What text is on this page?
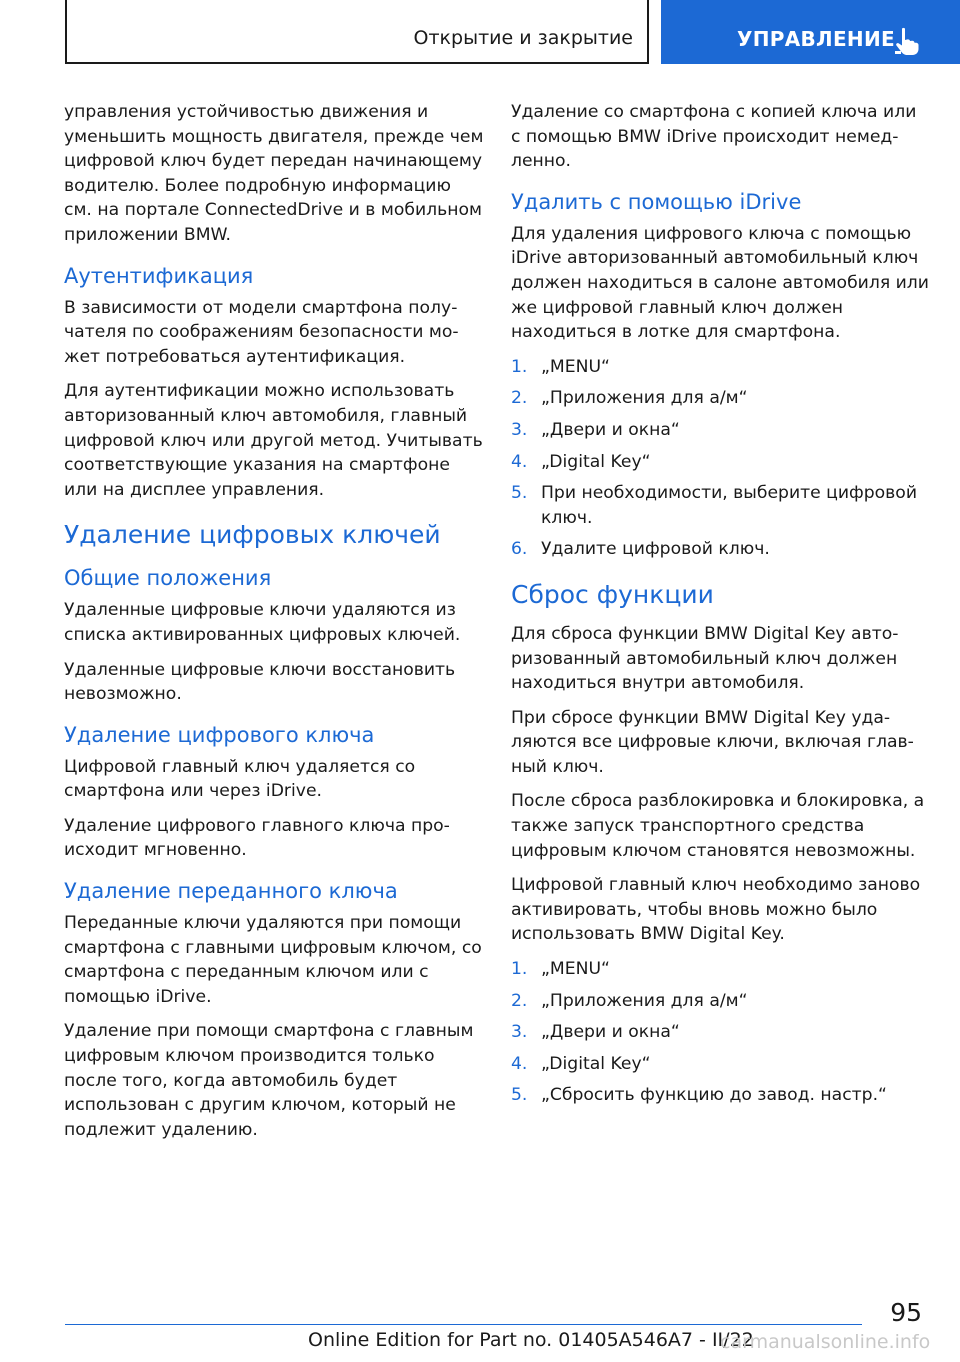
Открытие и закрытие	УПРАВЛЕНИЕ

управления устойчивостью движения и уменьшить мощность двигателя, прежде чем цифровой ключ будет передан начинающему водителю. Более подробную информацию см. на портале ConnectedDrive и в мобильном приложении BMW.

Аутентификация

В зависимости от модели смартфона получателя по соображениям безопасности может потребоваться аутентификация.

Для аутентификации можно использовать авторизованный ключ автомобиля, главный цифровой ключ или другой метод. Учитывать соответствующие указания на смартфоне или на дисплее управления.

Удаление цифровых ключей
Общие положения

Удаленные цифровые ключи удаляются из списка активированных цифровых ключей.

Удаленные цифровые ключи восстановить невозможно.

Удаление цифрового ключа

Цифровой главный ключ удаляется со смартфона или через iDrive.

Удаление цифрового главного ключа происходит мгновенно.

Удаление переданного ключа

Переданные ключи удаляются при помощи смартфона с главными цифровым ключом, со смартфона с переданным ключом или с помощью iDrive.

Удаление при помощи смартфона с главным цифровым ключом производится только после того, когда автомобиль будет использован с другим ключом, который не подлежит удалению.

Удаление со смартфона с копией ключа или с помощью BMW iDrive происходит немедленно.

Удалить с помощью iDrive

Для удаления цифрового ключа с помощью iDrive авторизованный автомобильный ключ должен находиться в салоне автомобиля или же цифровой главный ключ должен находиться в лотке для смартфона.

1. „MENU“
2. „Приложения для а/м“
3. „Двери и окна“
4. „Digital Key“
5. При необходимости, выберите цифровой ключ.
6. Удалите цифровой ключ.
Сброс функции

Для сброса функции BMW Digital Key авторизованный автомобильный ключ должен находиться внутри автомобиля.

При сбросе функции BMW Digital Key удаляются все цифровые ключи, включая главный ключ.

После сброса разблокировка и блокировка, а также запуск транспортного средства цифровым ключом становятся невозможны.

Цифровой главный ключ необходимо заново активировать, чтобы вновь можно было использовать BMW Digital Key.

1. „MENU“
2. „Приложения для а/м“
3. „Двери и окна“
4. „Digital Key“
5. „Сбросить функцию до завод. настр.“
95
Online Edition for Part no. 01405A546A7 - II/22
carmanualsonline.info
